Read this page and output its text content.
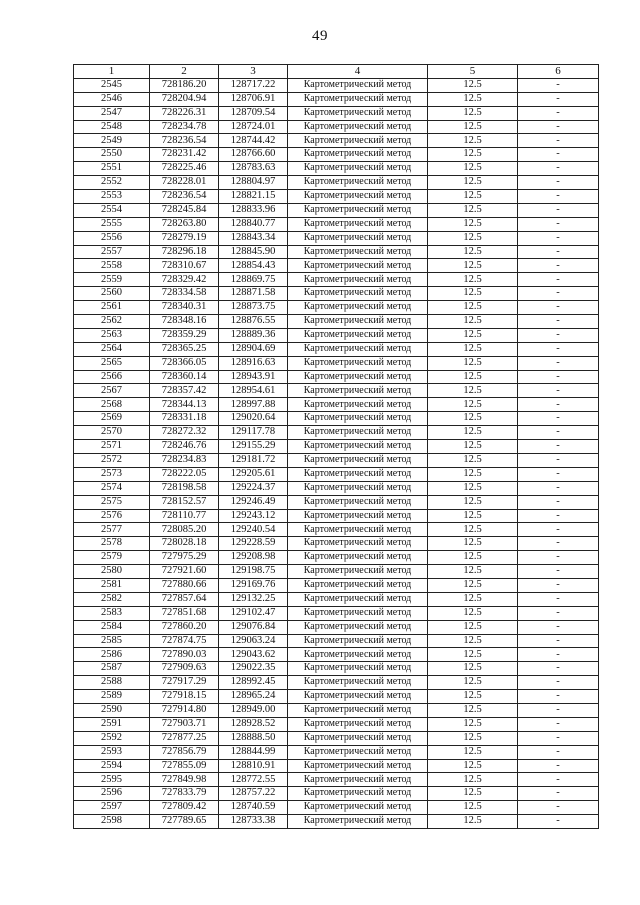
49
1	2	3	4	5	6
2545	728186.20	128717.22	Картометрический метод	12.5	-
2546	728204.94	128706.91	Картометрический метод	12.5	-
2547	728226.31	128709.54	Картометрический метод	12.5	-
2548	728234.78	128724.01	Картометрический метод	12.5	-
2549	728236.54	128744.42	Картометрический метод	12.5	-
2550	728231.42	128766.60	Картометрический метод	12.5	-
2551	728225.46	128783.63	Картометрический метод	12.5	-
2552	728228.01	128804.97	Картометрический метод	12.5	-
2553	728236.54	128821.15	Картометрический метод	12.5	-
2554	728245.84	128833.96	Картометрический метод	12.5	-
2555	728263.80	128840.77	Картометрический метод	12.5	-
2556	728279.19	128843.34	Картометрический метод	12.5	-
2557	728296.18	128845.90	Картометрический метод	12.5	-
2558	728310.67	128854.43	Картометрический метод	12.5	-
2559	728329.42	128869.75	Картометрический метод	12.5	-
2560	728334.58	128871.58	Картометрический метод	12.5	-
2561	728340.31	128873.75	Картометрический метод	12.5	-
2562	728348.16	128876.55	Картометрический метод	12.5	-
2563	728359.29	128889.36	Картометрический метод	12.5	-
2564	728365.25	128904.69	Картометрический метод	12.5	-
2565	728366.05	128916.63	Картометрический метод	12.5	-
2566	728360.14	128943.91	Картометрический метод	12.5	-
2567	728357.42	128954.61	Картометрический метод	12.5	-
2568	728344.13	128997.88	Картометрический метод	12.5	-
2569	728331.18	129020.64	Картометрический метод	12.5	-
2570	728272.32	129117.78	Картометрический метод	12.5	-
2571	728246.76	129155.29	Картометрический метод	12.5	-
2572	728234.83	129181.72	Картометрический метод	12.5	-
2573	728222.05	129205.61	Картометрический метод	12.5	-
2574	728198.58	129224.37	Картометрический метод	12.5	-
2575	728152.57	129246.49	Картометрический метод	12.5	-
2576	728110.77	129243.12	Картометрический метод	12.5	-
2577	728085.20	129240.54	Картометрический метод	12.5	-
2578	728028.18	129228.59	Картометрический метод	12.5	-
2579	727975.29	129208.98	Картометрический метод	12.5	-
2580	727921.60	129198.75	Картометрический метод	12.5	-
2581	727880.66	129169.76	Картометрический метод	12.5	-
2582	727857.64	129132.25	Картометрический метод	12.5	-
2583	727851.68	129102.47	Картометрический метод	12.5	-
2584	727860.20	129076.84	Картометрический метод	12.5	-
2585	727874.75	129063.24	Картометрический метод	12.5	-
2586	727890.03	129043.62	Картометрический метод	12.5	-
2587	727909.63	129022.35	Картометрический метод	12.5	-
2588	727917.29	128992.45	Картометрический метод	12.5	-
2589	727918.15	128965.24	Картометрический метод	12.5	-
2590	727914.80	128949.00	Картометрический метод	12.5	-
2591	727903.71	128928.52	Картометрический метод	12.5	-
2592	727877.25	128888.50	Картометрический метод	12.5	-
2593	727856.79	128844.99	Картометрический метод	12.5	-
2594	727855.09	128810.91	Картометрический метод	12.5	-
2595	727849.98	128772.55	Картометрический метод	12.5	-
2596	727833.79	128757.22	Картометрический метод	12.5	-
2597	727809.42	128740.59	Картометрический метод	12.5	-
2598	727789.65	128733.38	Картометрический метод	12.5	-
